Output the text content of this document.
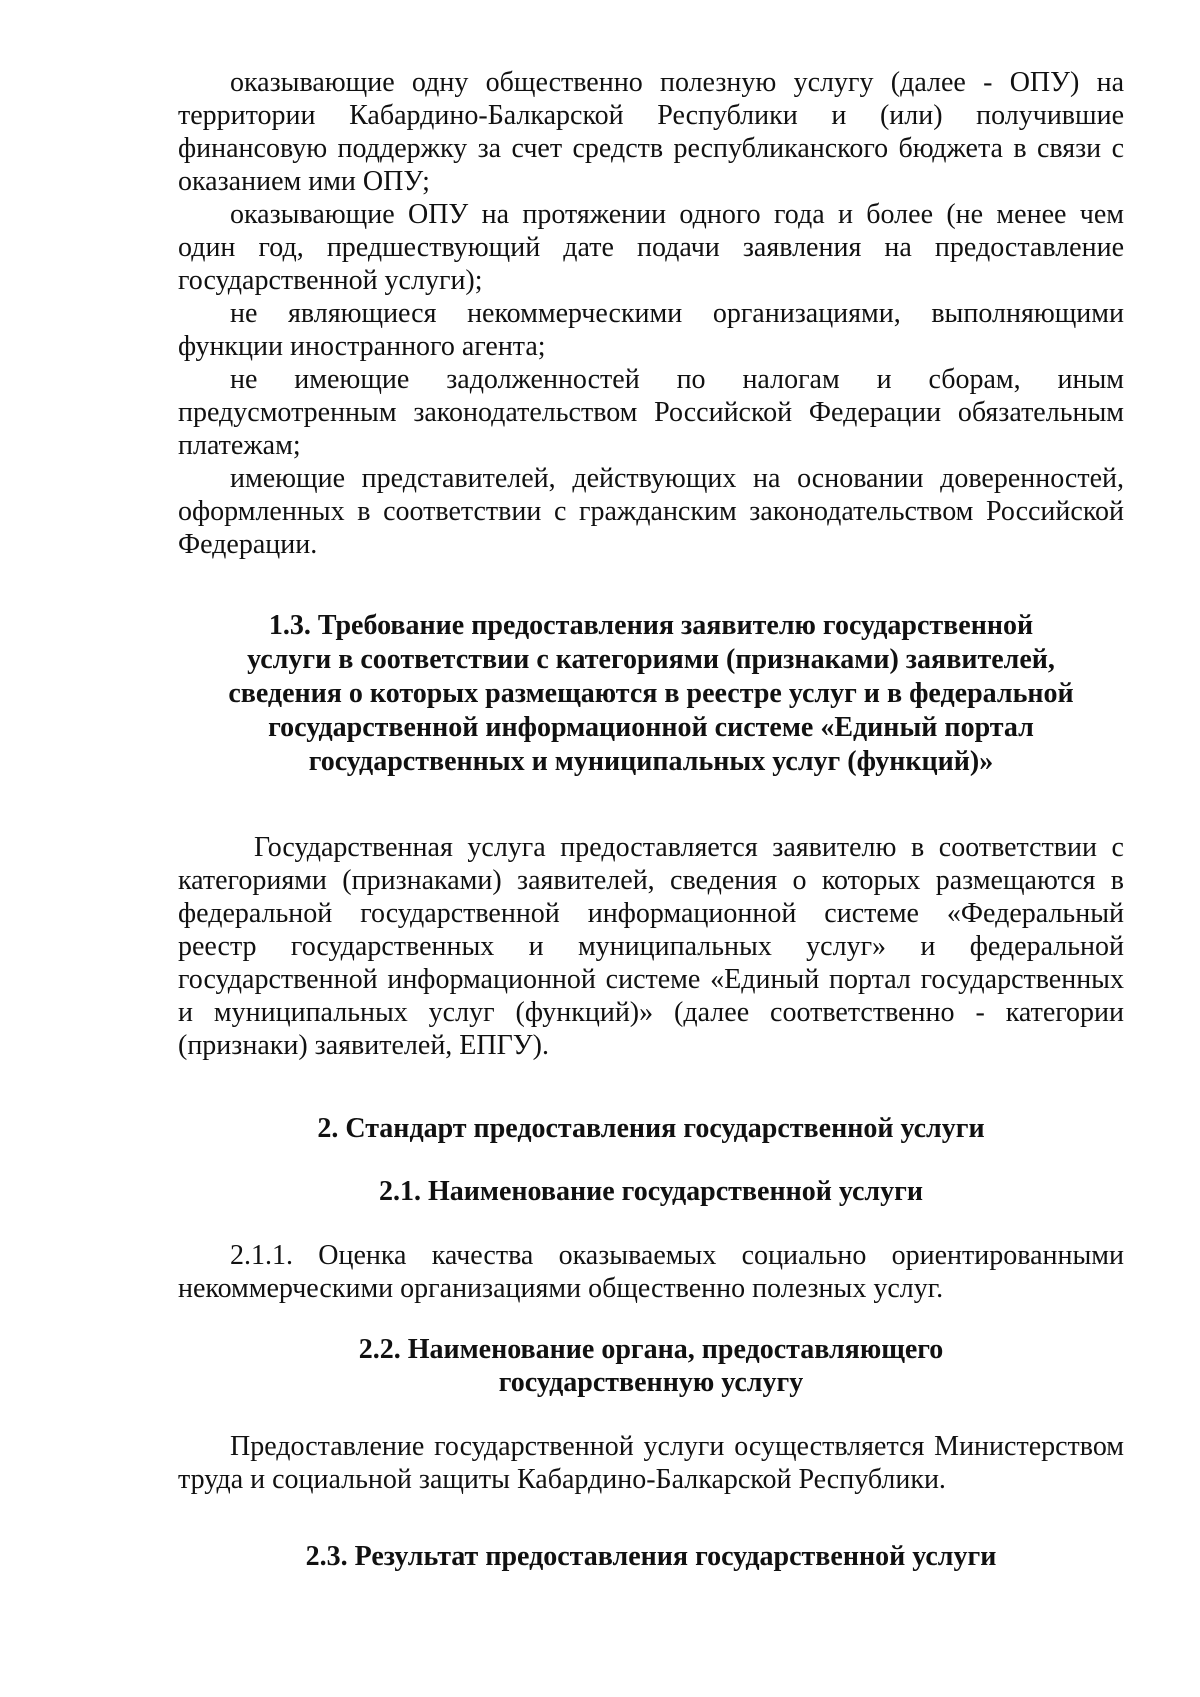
оказывающие одну общественно полезную услугу (далее - ОПУ) на территории Кабардино-Балкарской Республики и (или) получившие финансовую поддержку за счет средств республиканского бюджета в связи с оказанием ими ОПУ;

оказывающие ОПУ на протяжении одного года и более (не менее чем один год, предшествующий дате подачи заявления на предоставление государственной услуги);

не являющиеся некоммерческими организациями, выполняющими функции иностранного агента;

не имеющие задолженностей по налогам и сборам, иным предусмотренным законодательством Российской Федерации обязательным платежам;

имеющие представителей, действующих на основании доверенностей, оформленных в соответствии с гражданским законодательством Российской Федерации.

1.3. Требование предоставления заявителю государственной
услуги в соответствии с категориями (признаками) заявителей,
сведения о которых размещаются в реестре услуг и в федеральной
государственной информационной системе «Единый портал
государственных и муниципальных услуг (функций)»

Государственная услуга предоставляется заявителю в соответствии с категориями (признаками) заявителей, сведения о которых размещаются в федеральной государственной информационной системе «Федеральный реестр государственных и муниципальных услуг» и федеральной государственной информационной системе «Единый портал государственных и муниципальных услуг (функций)» (далее соответственно - категории (признаки) заявителей, ЕПГУ).

2. Стандарт предоставления государственной услуги
2.1. Наименование государственной услуги

2.1.1. Оценка качества оказываемых социально ориентированными некоммерческими организациями общественно полезных услуг.

2.2. Наименование органа, предоставляющего
государственную услугу

Предоставление государственной услуги осуществляется Министерством труда и социальной защиты Кабардино-Балкарской Республики.

2.3. Результат предоставления государственной услуги
